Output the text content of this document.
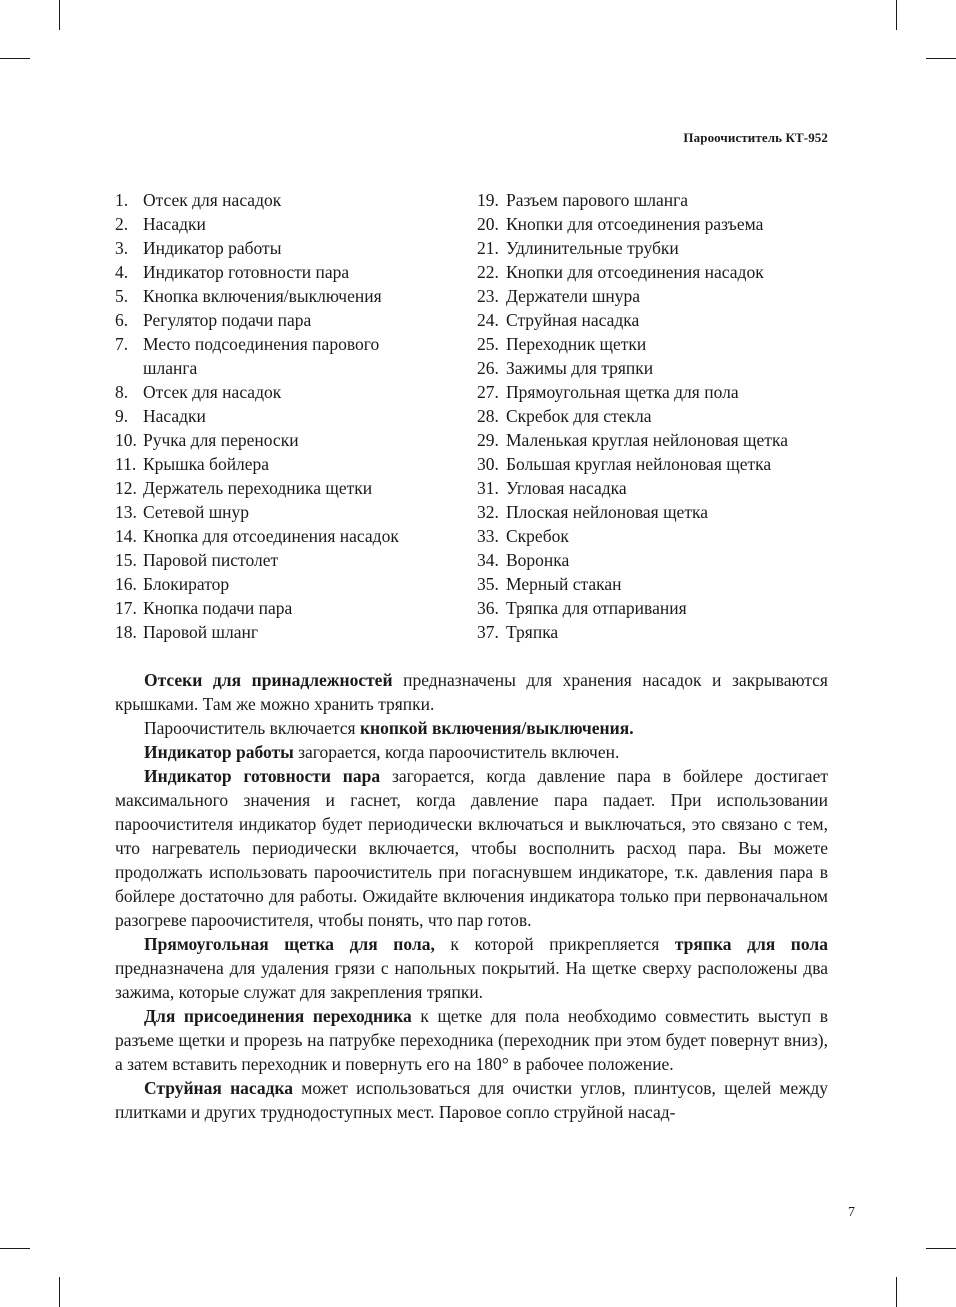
Пароочиститель КТ-952
1. Отсек для насадок
2. Насадки
3. Индикатор работы
4. Индикатор готовности пара
5. Кнопка включения/выключения
6. Регулятор подачи пара
7. Место подсоединения парового
шланга
8. Отсек для насадок
9. Насадки
10. Ручка для переноски
11. Крышка бойлера
12. Держатель переходника щетки
13. Сетевой шнур
14. Кнопка для отсоединения насадок
15. Паровой пистолет
16. Блокиратор
17. Кнопка подачи пара
18. Паровой шланг
19. Разъем парового шланга
20. Кнопки для отсоединения разъема
21. Удлинительные трубки
22. Кнопки для отсоединения насадок
23. Держатели шнура
24. Струйная насадка
25. Переходник щетки
26. Зажимы для тряпки
27. Прямоугольная щетка для пола
28. Скребок для стекла
29. Маленькая круглая нейлоновая щетка
30. Большая круглая нейлоновая щетка
31. Угловая насадка
32. Плоская нейлоновая щетка
33. Скребок
34. Воронка
35. Мерный стакан
36. Тряпка для отпаривания
37. Тряпка

Отсеки для принадлежностей предназначены для хранения насадок и закрываются крышками. Там же можно хранить тряпки.

Пароочиститель включается кнопкой включения/выключения.

Индикатор работы загорается, когда пароочиститель включен.

Индикатор готовности пара загорается, когда давление пара в бойлере достигает максимального значения и гаснет, когда давление пара падает. При использовании пароочистителя индикатор будет периодически включаться и выключаться, это связано с тем, что нагреватель периодически включается, чтобы восполнить расход пара. Вы можете продолжать использовать пароочиститель при погаснувшем индикаторе, т.к. давления пара в бойлере достаточно для работы. Ожидайте включения индикатора только при первоначальном разогреве пароочистителя, чтобы понять, что пар готов.

Прямоугольная щетка для пола, к которой прикрепляется тряпка для пола предназначена для удаления грязи с напольных покрытий. На щетке сверху расположены два зажима, которые служат для закрепления тряпки.

Для присоединения переходника к щетке для пола необходимо совместить выступ в разъеме щетки и прорезь на патрубке переходника (переходник при этом будет повернут вниз), а затем вставить переходник и повернуть его на 180° в рабочее положение.

Струйная насадка может использоваться для очистки углов, плинтусов, щелей между плитками и других труднодоступных мест. Паровое сопло струйной насад-

7
